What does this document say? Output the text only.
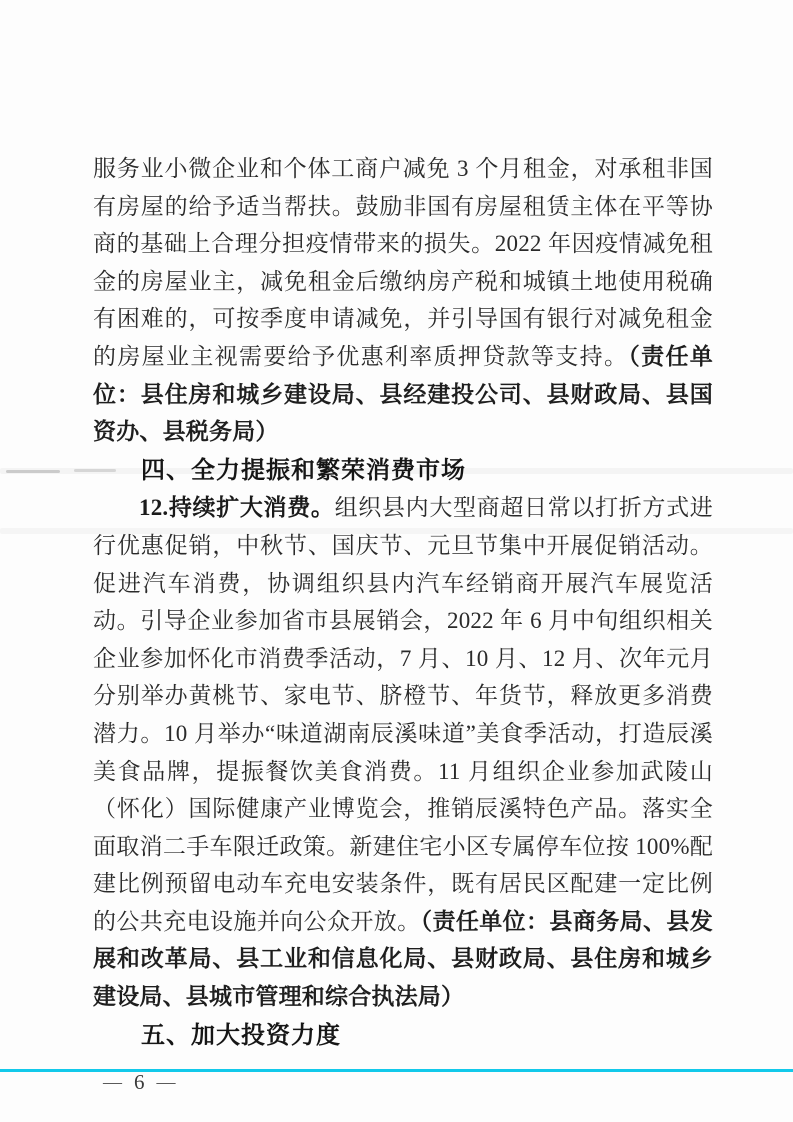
服务业小微企业和个体工商户减免 3 个月租金，对承租非国有房屋的给予适当帮扶。鼓励非国有房屋租赁主体在平等协商的基础上合理分担疫情带来的损失。2022 年因疫情减免租金的房屋业主，减免租金后缴纳房产税和城镇土地使用税确有困难的，可按季度申请减免，并引导国有银行对减免租金的房屋业主视需要给予优惠利率质押贷款等支持。（责任单位：县住房和城乡建设局、县经建投公司、县财政局、县国资办、县税务局）

四、全力提振和繁荣消费市场

12.持续扩大消费。组织县内大型商超日常以打折方式进行优惠促销，中秋节、国庆节、元旦节集中开展促销活动。促进汽车消费，协调组织县内汽车经销商开展汽车展览活动。引导企业参加省市县展销会，2022 年 6 月中旬组织相关企业参加怀化市消费季活动，7 月、10 月、12 月、次年元月分别举办黄桃节、家电节、脐橙节、年货节，释放更多消费潜力。10 月举办“味道湖南辰溪味道”美食季活动，打造辰溪美食品牌，提振餐饮美食消费。11 月组织企业参加武陵山（怀化）国际健康产业博览会，推销辰溪特色产品。落实全面取消二手车限迁政策。新建住宅小区专属停车位按 100%配建比例预留电动车充电安装条件，既有居民区配建一定比例的公共充电设施并向公众开放。（责任单位：县商务局、县发展和改革局、县工业和信息化局、县财政局、县住房和城乡建设局、县城市管理和综合执法局）

五、加大投资力度
— 6 —
